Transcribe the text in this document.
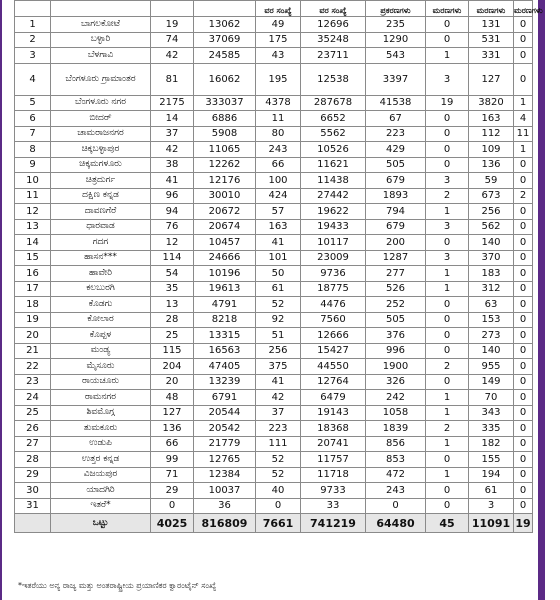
				ವರ ಸಂಖ್ಯೆ	ವರ ಸಂಖ್ಯೆ	ಪ್ರಕರಣಗಳು	ಮರಣಗಳು	ಮರಣಗಳು	ಮರಣಗಳು
1	ಬಾಗಲಕೋಟೆ	19	13062	49	12696	235	0	131	0
2	ಬಳ್ಳಾರಿ	74	37069	175	35248	1290	0	531	0
3	ಬೆಳಗಾವಿ	42	24585	43	23711	543	1	331	0
4	ಬೆಂಗಳೂರು ಗ್ರಾಮಾಂತರ	81	16062	195	12538	3397	3	127	0
5	ಬೆಂಗಳೂರು ನಗರ	2175	333037	4378	287678	41538	19	3820	1
6	ಬೀದರ್	14	6886	11	6652	67	0	163	4
7	ಚಾಮರಾಜನಗರ	37	5908	80	5562	223	0	112	11
8	ಚಿಕ್ಕಬಳ್ಳಾಪುರ	42	11065	243	10526	429	0	109	1
9	ಚಿಕ್ಕಮಗಳೂರು	38	12262	66	11621	505	0	136	0
10	ಚಿತ್ರದುರ್ಗ	41	12176	100	11438	679	3	59	0
11	ದಕ್ಷಿಣ ಕನ್ನಡ	96	30010	424	27442	1893	2	673	2
12	ದಾವಣಗೆರೆ	94	20672	57	19622	794	1	256	0
13	ಧಾರವಾಡ	76	20674	163	19433	679	3	562	0
14	ಗದಗ	12	10457	41	10117	200	0	140	0
15	ಹಾಸನ***	114	24666	101	23009	1287	3	370	0
16	ಹಾವೇರಿ	54	10196	50	9736	277	1	183	0
17	ಕಲಬುರಗಿ	35	19613	61	18775	526	1	312	0
18	ಕೊಡಗು	13	4791	52	4476	252	0	63	0
19	ಕೋಲಾರ	28	8218	92	7560	505	0	153	0
20	ಕೊಪ್ಪಳ	25	13315	51	12666	376	0	273	0
21	ಮಂಡ್ಯ	115	16563	256	15427	996	0	140	0
22	ಮೈಸೂರು	204	47405	375	44550	1900	2	955	0
23	ರಾಯಚೂರು	20	13239	41	12764	326	0	149	0
24	ರಾಮನಗರ	48	6791	42	6479	242	1	70	0
25	ಶಿವಮೊಗ್ಗ	127	20544	37	19143	1058	1	343	0
26	ತುಮಕೂರು	136	20542	223	18368	1839	2	335	0
27	ಉಡುಪಿ	66	21779	111	20741	856	1	182	0
28	ಉತ್ತರ ಕನ್ನಡ	99	12765	52	11757	853	0	155	0
29	ವಿಜಯಪುರ	71	12384	52	11718	472	1	194	0
30	ಯಾದಗಿರಿ	29	10037	40	9733	243	0	61	0
31	ಇತರೆ*	0	36	0	33	0	0	3	0
	ಒಟ್ಟು	4025	816809	7661	741219	64480	45	11091	19
*ಇತರೆಯು ಅನ್ಯ ರಾಜ್ಯ ಮತ್ತು ಅಂತರಾಷ್ಟ್ರೀಯ ಪ್ರಯಾಣಿಕರ ಕ್ವಾರಂಟೈನ್ ಸಂಖ್ಯೆ
